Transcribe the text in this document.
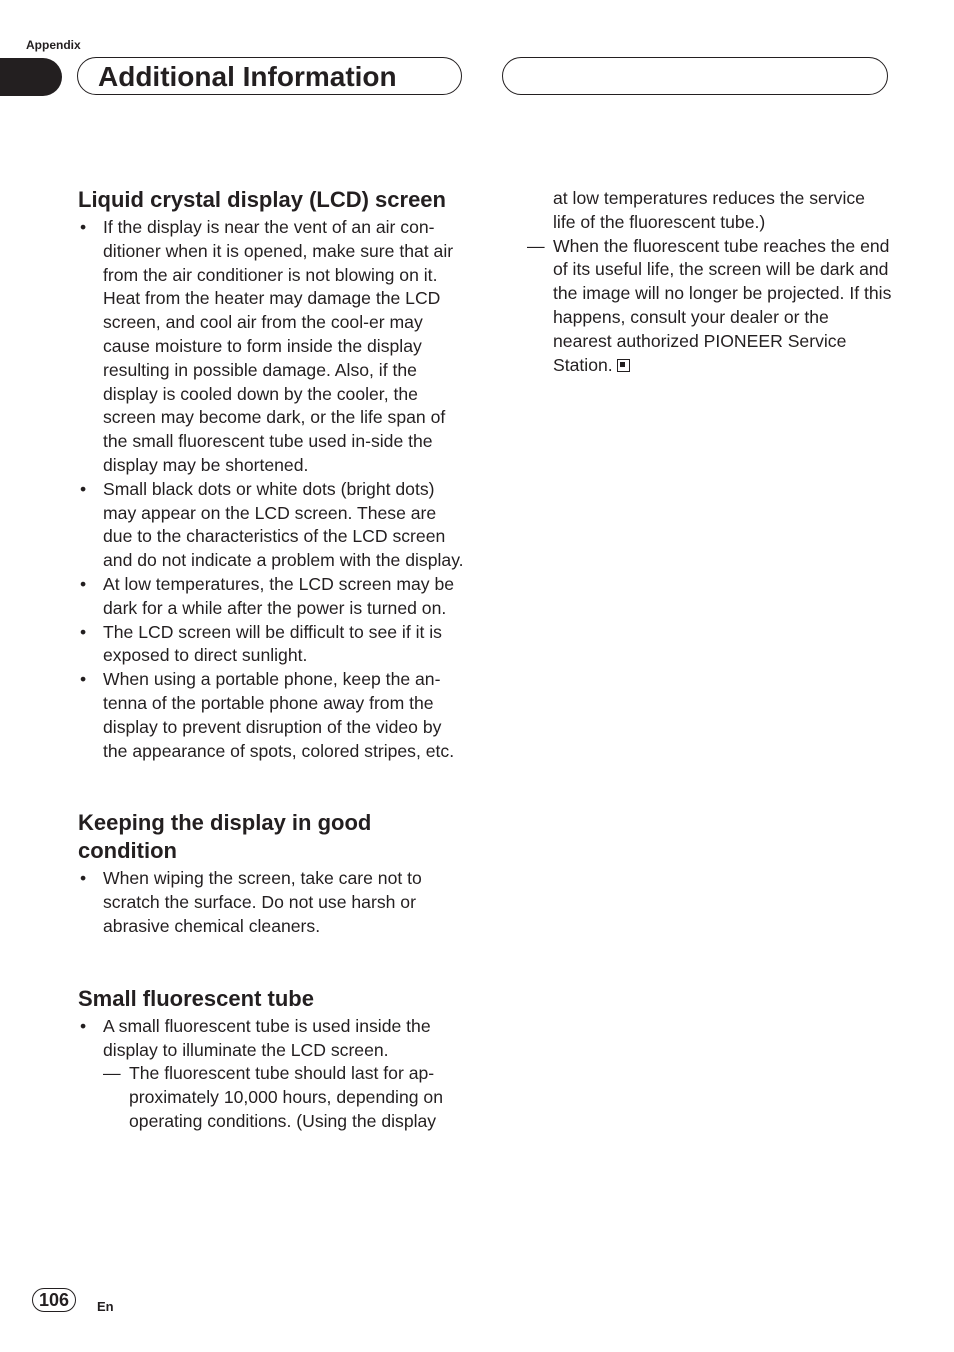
Appendix
Additional Information
Liquid crystal display (LCD) screen
• If the display is near the vent of an air con-ditioner when it is opened, make sure that air from the air conditioner is not blowing on it. Heat from the heater may damage the LCD screen, and cool air from the cool-er may cause moisture to form inside the display resulting in possible damage. Also, if the display is cooled down by the cooler, the screen may become dark, or the life span of the small fluorescent tube used in-side the display may be shortened.
• Small black dots or white dots (bright dots) may appear on the LCD screen. These are due to the characteristics of the LCD screen and do not indicate a problem with the display.
• At low temperatures, the LCD screen may be dark for a while after the power is turned on.
• The LCD screen will be difficult to see if it is exposed to direct sunlight.
• When using a portable phone, keep the an-tenna of the portable phone away from the display to prevent disruption of the video by the appearance of spots, colored stripes, etc.
Keeping the display in good
condition
• When wiping the screen, take care not to scratch the surface. Do not use harsh or abrasive chemical cleaners.
Small fluorescent tube
• A small fluorescent tube is used inside the display to illuminate the LCD screen.
— The fluorescent tube should last for ap-proximately 10,000 hours, depending on operating conditions. (Using the display
at low temperatures reduces the service life of the fluorescent tube.)
— When the fluorescent tube reaches the end of its useful life, the screen will be dark and the image will no longer be projected. If this happens, consult your dealer or the nearest authorized PIONEER Service Station.
106	En
